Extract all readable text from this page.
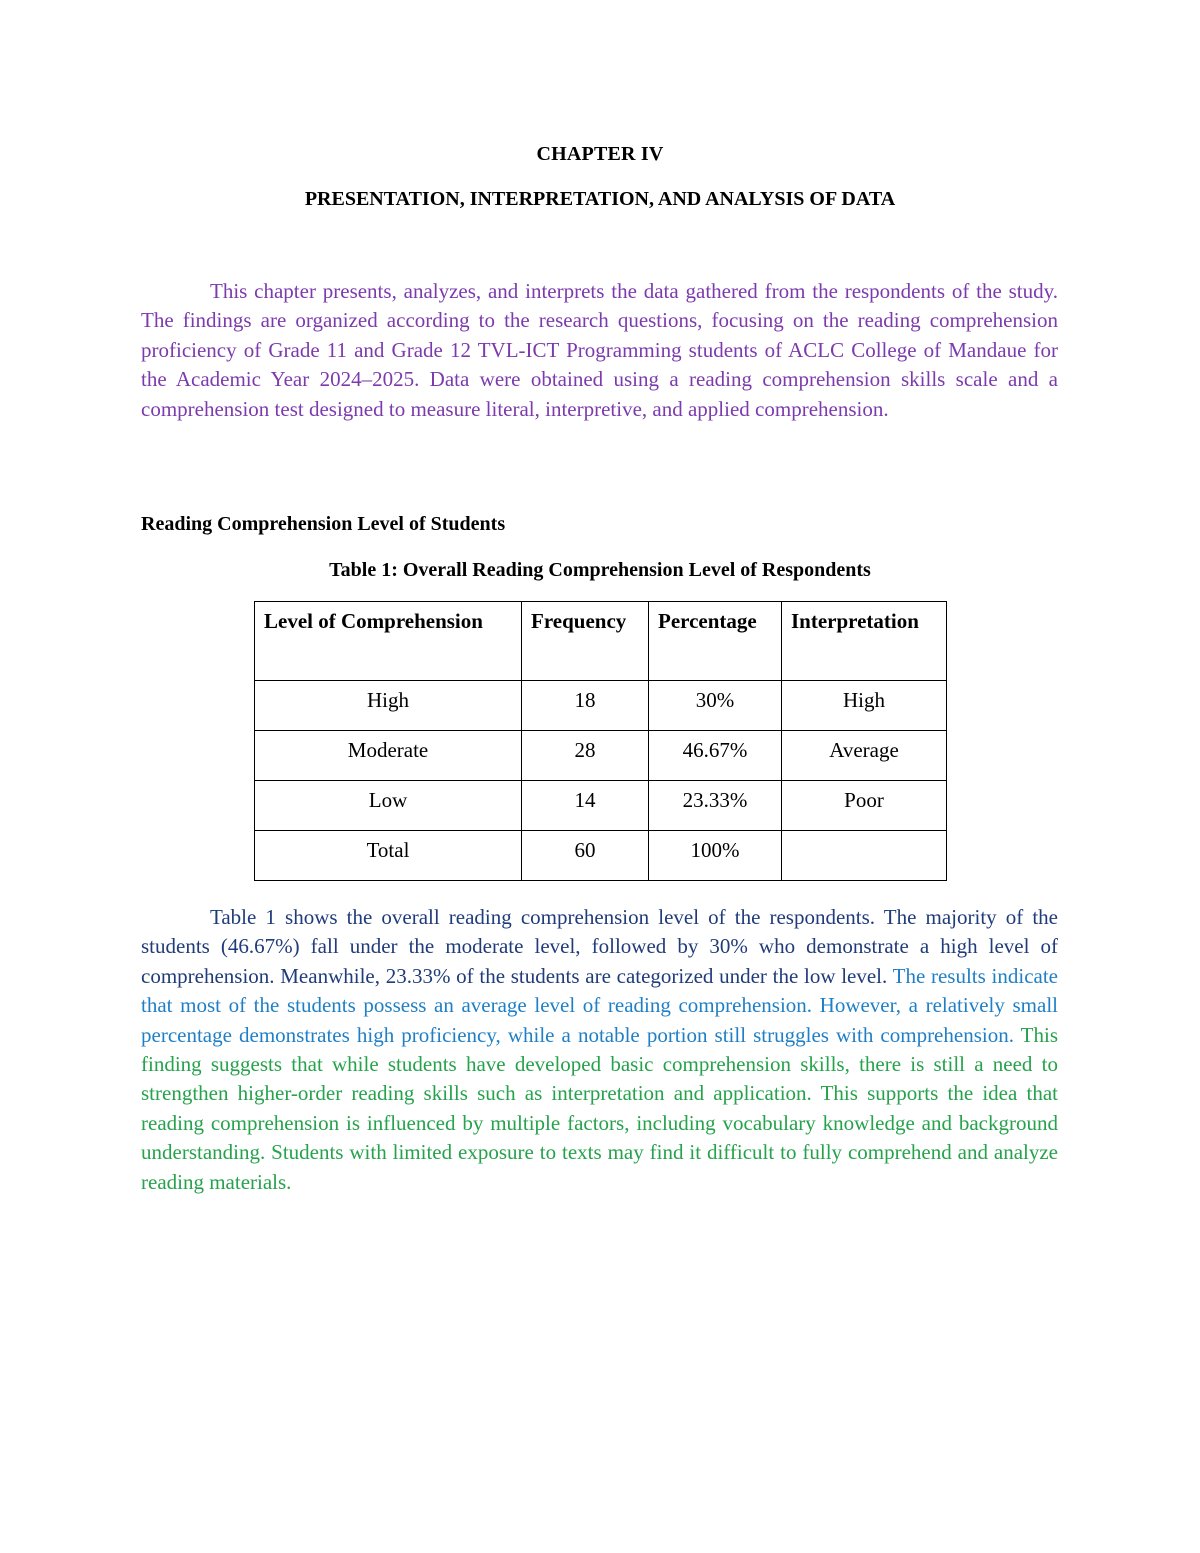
CHAPTER IV
PRESENTATION, INTERPRETATION, AND ANALYSIS OF DATA
This chapter presents, analyzes, and interprets the data gathered from the respondents of the study. The findings are organized according to the research questions, focusing on the reading comprehension proficiency of Grade 11 and Grade 12 TVL-ICT Programming students of ACLC College of Mandaue for the Academic Year 2024–2025. Data were obtained using a reading comprehension skills scale and a comprehension test designed to measure literal, interpretive, and applied comprehension.
Reading Comprehension Level of Students
Table 1: Overall Reading Comprehension Level of Respondents
Level of Comprehension	Frequency	Percentage	Interpretation
High	18	30%	High
Moderate	28	46.67%	Average
Low	14	23.33%	Poor
Total	60	100%	
Table 1 shows the overall reading comprehension level of the respondents. The majority of the students (46.67%) fall under the moderate level, followed by 30% who demonstrate a high level of comprehension. Meanwhile, 23.33% of the students are categorized under the low level. The results indicate that most of the students possess an average level of reading comprehension. However, a relatively small percentage demonstrates high proficiency, while a notable portion still struggles with comprehension. This finding suggests that while students have developed basic comprehension skills, there is still a need to strengthen higher-order reading skills such as interpretation and application. This supports the idea that reading comprehension is influenced by multiple factors, including vocabulary knowledge and background understanding. Students with limited exposure to texts may find it difficult to fully comprehend and analyze reading materials.
